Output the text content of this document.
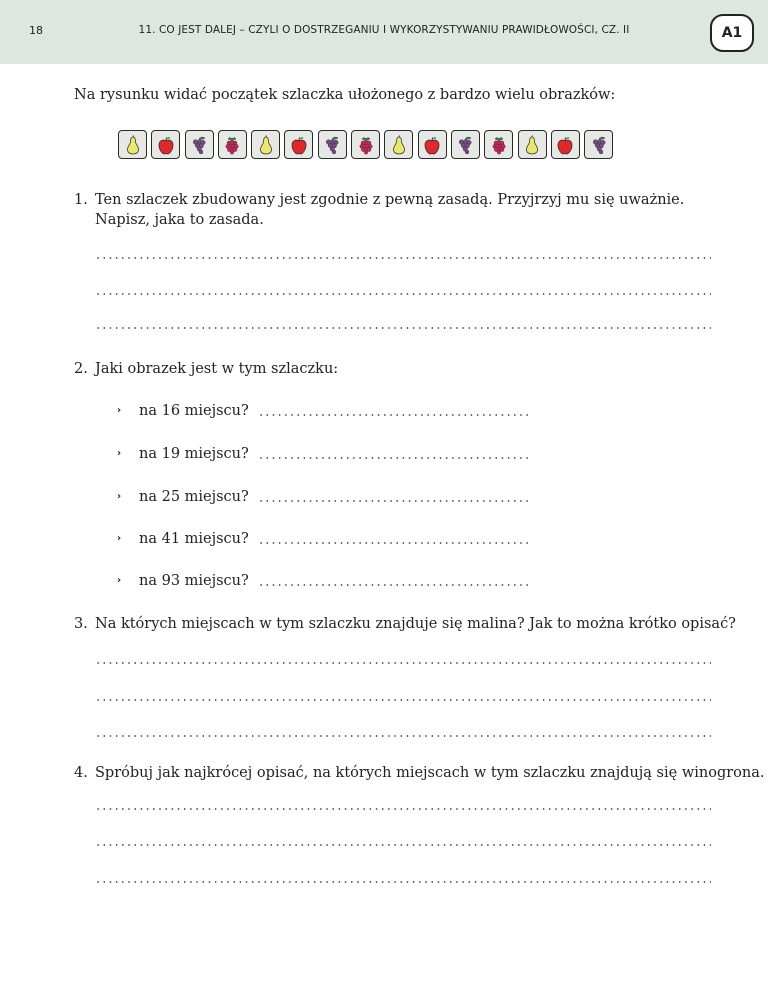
18	11. CO JEST DALEJ – CZYLI O DOSTRZEGANIU I WYKORZYSTYWANIU PRAWIDŁOWOŚCI, CZ. II	A1
Na rysunku widać początek szlaczka ułożonego z bardzo wielu obrazków:
1. Ten szlaczek zbudowany jest zgodnie z pewną zasadą. Przyjrzyj mu się uważnie.
Napisz, jaka to zasada.
2. Jaki obrazek jest w tym szlaczku:
› na 16 miejscu?
› na 19 miejscu?
› na 25 miejscu?
› na 41 miejscu?
› na 93 miejscu?
3. Na których miejscach w tym szlaczku znajduje się malina? Jak to można krótko opisać?
4. Spróbuj jak najkrócej opisać, na których miejscach w tym szlaczku znajdują się winogrona.
